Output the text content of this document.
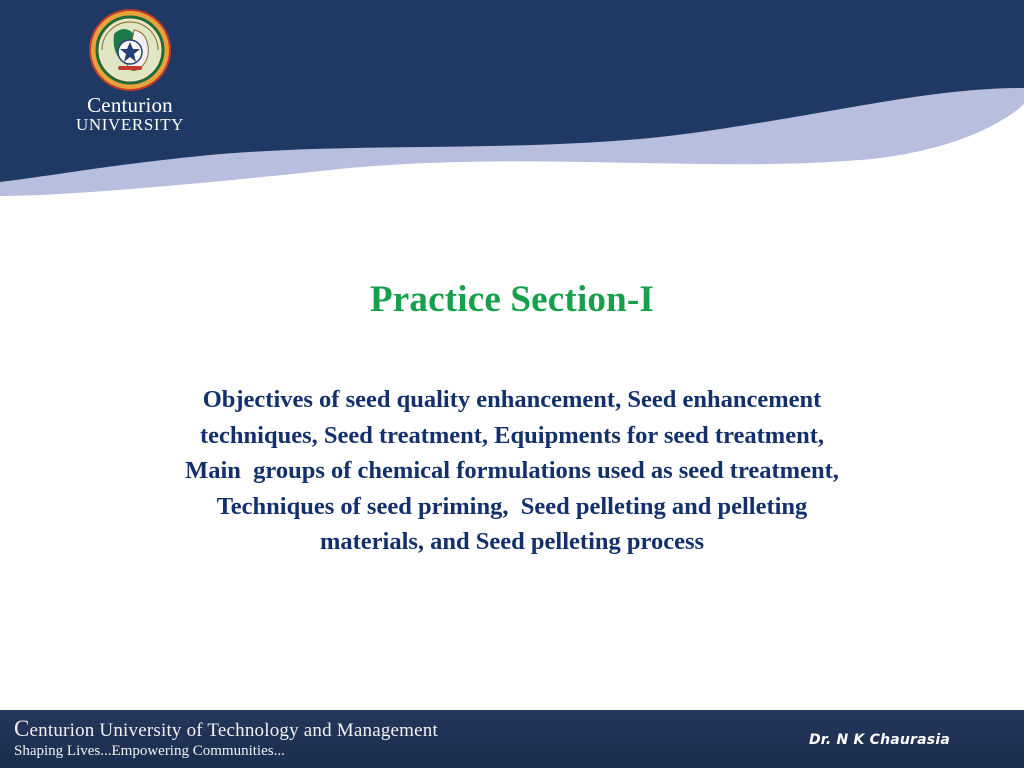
Centurion
UNIVERSITY
Practice Section-I
Objectives of seed quality enhancement, Seed enhancement
techniques, Seed treatment, Equipments for seed treatment,
Main  groups of chemical formulations used as seed treatment,
Techniques of seed priming,  Seed pelleting and pelleting
materials, and Seed pelleting process
Centurion University of Technology and Management
Shaping Lives...Empowering Communities...
Dr. N K Chaurasia
